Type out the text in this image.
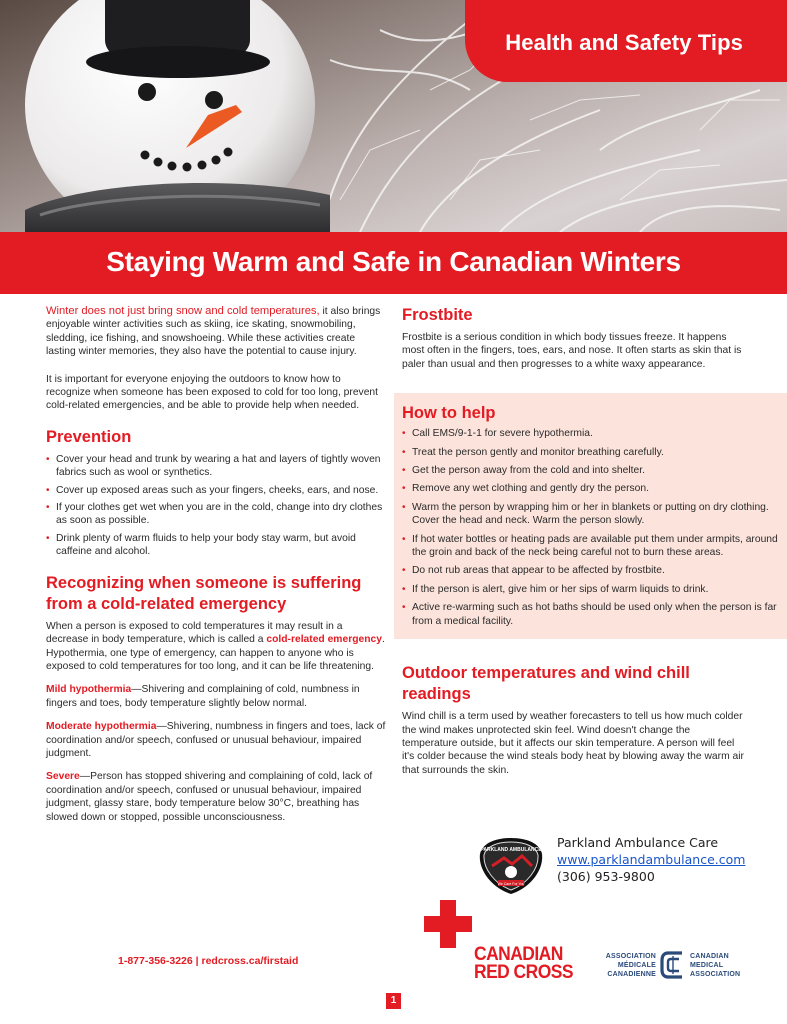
Health and Safety Tips
Staying Warm and Safe in Canadian Winters

Winter does not just bring snow and cold temperatures, it also brings enjoyable winter activities such as skiing, ice skating, snowmobiling, sledding, ice fishing, and snowshoeing. While these activities create lasting winter memories, they also have the potential to cause injury.

It is important for everyone enjoying the outdoors to know how to recognize when someone has been exposed to cold for too long, prevent cold-related emergencies, and be able to provide help when needed.

Prevention
• Cover your head and trunk by wearing a hat and layers of tightly woven fabrics such as wool or synthetics.
• Cover up exposed areas such as your fingers, cheeks, ears, and nose.
• If your clothes get wet when you are in the cold, change into dry clothes as soon as possible.
• Drink plenty of warm fluids to help your body stay warm, but avoid caffeine and alcohol.
Recognizing when someone is suffering from a cold-related emergency

When a person is exposed to cold temperatures it may result in a decrease in body temperature, which is called a cold-related emergency. Hypothermia, one type of emergency, can happen to anyone who is exposed to cold temperatures for too long, and it can be life threatening.

Mild hypothermia—Shivering and complaining of cold, numbness in fingers and toes, body temperature slightly below normal.

Moderate hypothermia—Shivering, numbness in fingers and toes, lack of coordination and/or speech, confused or unusual behaviour, impaired judgment.

Severe—Person has stopped shivering and complaining of cold, lack of coordination and/or speech, confused or unusual behaviour, impaired judgment, glassy stare, body temperature below 30°C, breathing has slowed down or stopped, possible unconsciousness.

Frostbite

Frostbite is a serious condition in which body tissues freeze. It happens most often in the fingers, toes, ears, and nose. It often starts as skin that is paler than usual and then progresses to a white waxy appearance.

How to help
• Call EMS/9-1-1 for severe hypothermia.
• Treat the person gently and monitor breathing carefully.
• Get the person away from the cold and into shelter.
• Remove any wet clothing and gently dry the person.
• Warm the person by wrapping him or her in blankets or putting on dry clothing. Cover the head and neck. Warm the person slowly.
• If hot water bottles or heating pads are available put them under armpits, around the groin and back of the neck being careful not to burn these areas.
• Do not rub areas that appear to be affected by frostbite.
• If the person is alert, give him or her sips of warm liquids to drink.
• Active re-warming such as hot baths should be used only when the person is far from a medical facility.
Outdoor temperatures and wind chill readings

Wind chill is a term used by weather forecasters to tell us how much colder the wind makes unprotected skin feel. Wind doesn't change the temperature outside, but it affects our skin temperature. A person will feel it's colder because the wind steals body heat by blowing away the warm air that surrounds the skin.

PARKLAND AMBULANCE
We Care For You
Parkland Ambulance Care
www.parklandambulance.com
(306) 953-9800
1-877-356-3226 | redcross.ca/firstaid	CANADIAN
RED CROSS
ASSOCIATION
MÉDICALE
CANADIENNE
CANADIAN
MEDICAL
ASSOCIATION
1
